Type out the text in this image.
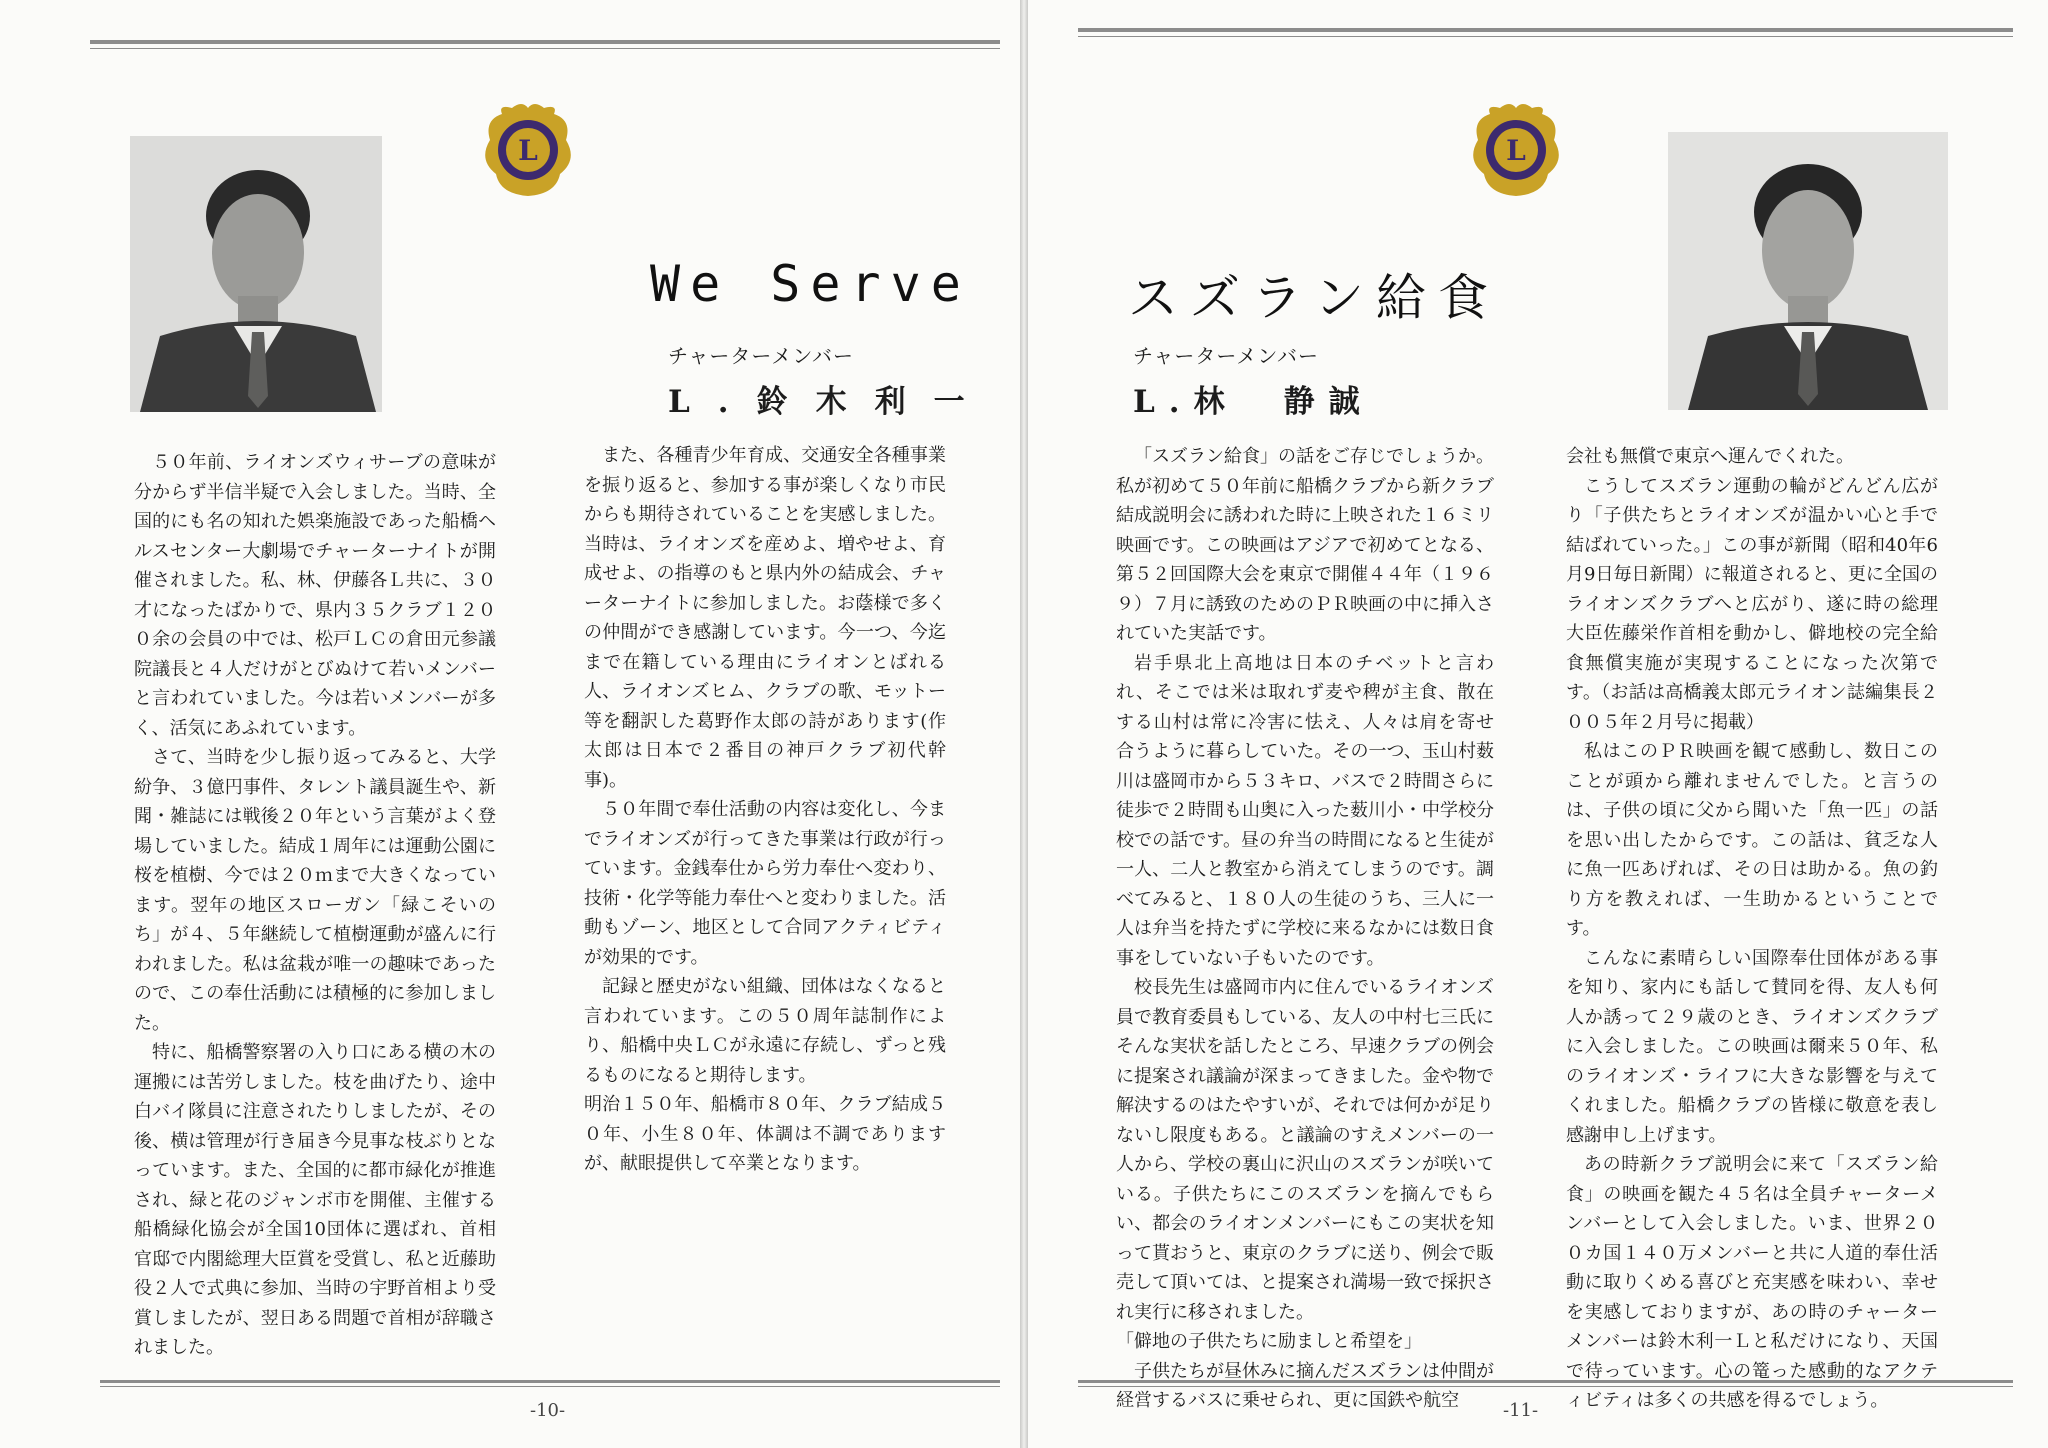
L
We Serve
チャーターメンバー
L.鈴木利一

５０年前、ライオンズウィサーブの意味が分からず半信半疑で入会しました。当時、全国的にも名の知れた娯楽施設であった船橋ヘルスセンター大劇場でチャーターナイトが開催されました。私、林、伊藤各Ｌ共に、３０才になったばかりで、県内３５クラブ１２００余の会員の中では、松戸ＬＣの倉田元参議院議長と４人だけがとびぬけて若いメンバーと言われていました。今は若いメンバーが多く、活気にあふれています。

さて、当時を少し振り返ってみると、大学紛争、３億円事件、タレント議員誕生や、新聞・雑誌には戦後２０年という言葉がよく登場していました。結成１周年には運動公園に桜を植樹、今では２０ｍまで大きくなっています。翌年の地区スローガン「緑こそいのち」が４、５年継続して植樹運動が盛んに行われました。私は盆栽が唯一の趣味であったので、この奉仕活動には積極的に参加しました。

特に、船橋警察署の入り口にある横の木の運搬には苦労しました。枝を曲げたり、途中白バイ隊員に注意されたりしましたが、その後、横は管理が行き届き今見事な枝ぶりとなっています。また、全国的に都市緑化が推進され、緑と花のジャンボ市を開催、主催する船橋緑化協会が全国10団体に選ばれ、首相官邸で内閣総理大臣賞を受賞し、私と近藤助役２人で式典に参加、当時の宇野首相より受賞しましたが、翌日ある問題で首相が辞職されました。

また、各種青少年育成、交通安全各種事業を振り返ると、参加する事が楽しくなり市民からも期待されていることを実感しました。当時は、ライオンズを産めよ、増やせよ、育成せよ、の指導のもと県内外の結成会、チャーターナイトに参加しました。お蔭様で多くの仲間ができ感謝しています。今一つ、今迄まで在籍している理由にライオンとばれる人、ライオンズヒム、クラブの歌、モットー等を翻訳した葛野作太郎の詩があります(作太郎は日本で２番目の神戸クラブ初代幹事)。

５０年間で奉仕活動の内容は変化し、今までライオンズが行ってきた事業は行政が行っています。金銭奉仕から労力奉仕へ変わり、技術・化学等能力奉仕へと変わりました。活動もゾーン、地区として合同アクティビティが効果的です。

記録と歴史がない組織、団体はなくなると言われています。この５０周年誌制作により、船橋中央ＬＣが永遠に存続し、ずっと残るものになると期待します。

明治１５０年、船橋市８０年、クラブ結成５０年、小生８０年、体調は不調でありますが、献眼提供して卒業となります。

-10-
L
スズラン給食
チャーターメンバー
L.林　静誠

「スズラン給食」の話をご存じでしょうか。私が初めて５０年前に船橋クラブから新クラブ結成説明会に誘われた時に上映された１６ミリ映画です。この映画はアジアで初めてとなる、第５２回国際大会を東京で開催４４年（１９６９）７月に誘致のためのＰＲ映画の中に挿入されていた実話です。

岩手県北上高地は日本のチベットと言われ、そこでは米は取れず麦や稗が主食、散在する山村は常に冷害に怯え、人々は肩を寄せ合うように暮らしていた。その一つ、玉山村薮川は盛岡市から５３キロ、バスで２時間さらに徒歩で２時間も山奥に入った薮川小・中学校分校での話です。昼の弁当の時間になると生徒が一人、二人と教室から消えてしまうのです。調べてみると、１８０人の生徒のうち、三人に一人は弁当を持たずに学校に来るなかには数日食事をしていない子もいたのです。

校長先生は盛岡市内に住んでいるライオンズ員で教育委員もしている、友人の中村七三氏にそんな実状を話したところ、早速クラブの例会に提案され議論が深まってきました。金や物で解決するのはたやすいが、それでは何かが足りないし限度もある。と議論のすえメンバーの一人から、学校の裏山に沢山のスズランが咲いている。子供たちにこのスズランを摘んでもらい、都会のライオンメンバーにもこの実状を知って貰おうと、東京のクラブに送り、例会で販売して頂いては、と提案され満場一致で採択され実行に移されました。

「僻地の子供たちに励ましと希望を」

子供たちが昼休みに摘んだスズランは仲間が経営するバスに乗せられ、更に国鉄や航空

会社も無償で東京へ運んでくれた。

こうしてスズラン運動の輪がどんどん広がり「子供たちとライオンズが温かい心と手で結ばれていった。」この事が新聞（昭和40年6月9日毎日新聞）に報道されると、更に全国のライオンズクラブへと広がり、遂に時の総理大臣佐藤栄作首相を動かし、僻地校の完全給食無償実施が実現することになった次第です。（お話は高橋義太郎元ライオン誌編集長２００５年２月号に掲載）

私はこのＰＲ映画を観て感動し、数日このことが頭から離れませんでした。と言うのは、子供の頃に父から聞いた「魚一匹」の話を思い出したからです。この話は、貧乏な人に魚一匹あげれば、その日は助かる。魚の釣り方を教えれば、一生助かるということです。

こんなに素晴らしい国際奉仕団体がある事を知り、家内にも話して賛同を得、友人も何人か誘って２９歳のとき、ライオンズクラブに入会しました。この映画は爾来５０年、私のライオンズ・ライフに大きな影響を与えてくれました。船橋クラブの皆様に敬意を表し感謝申し上げます。

あの時新クラブ説明会に来て「スズラン給食」の映画を観た４５名は全員チャーターメンバーとして入会しました。いま、世界２００カ国１４０万メンバーと共に人道的奉仕活動に取りくめる喜びと充実感を味わい、幸せを実感しておりますが、あの時のチャーターメンバーは鈴木利一Ｌと私だけになり、天国で待っています。心の篭った感動的なアクティビティは多くの共感を得るでしょう。

-11-
